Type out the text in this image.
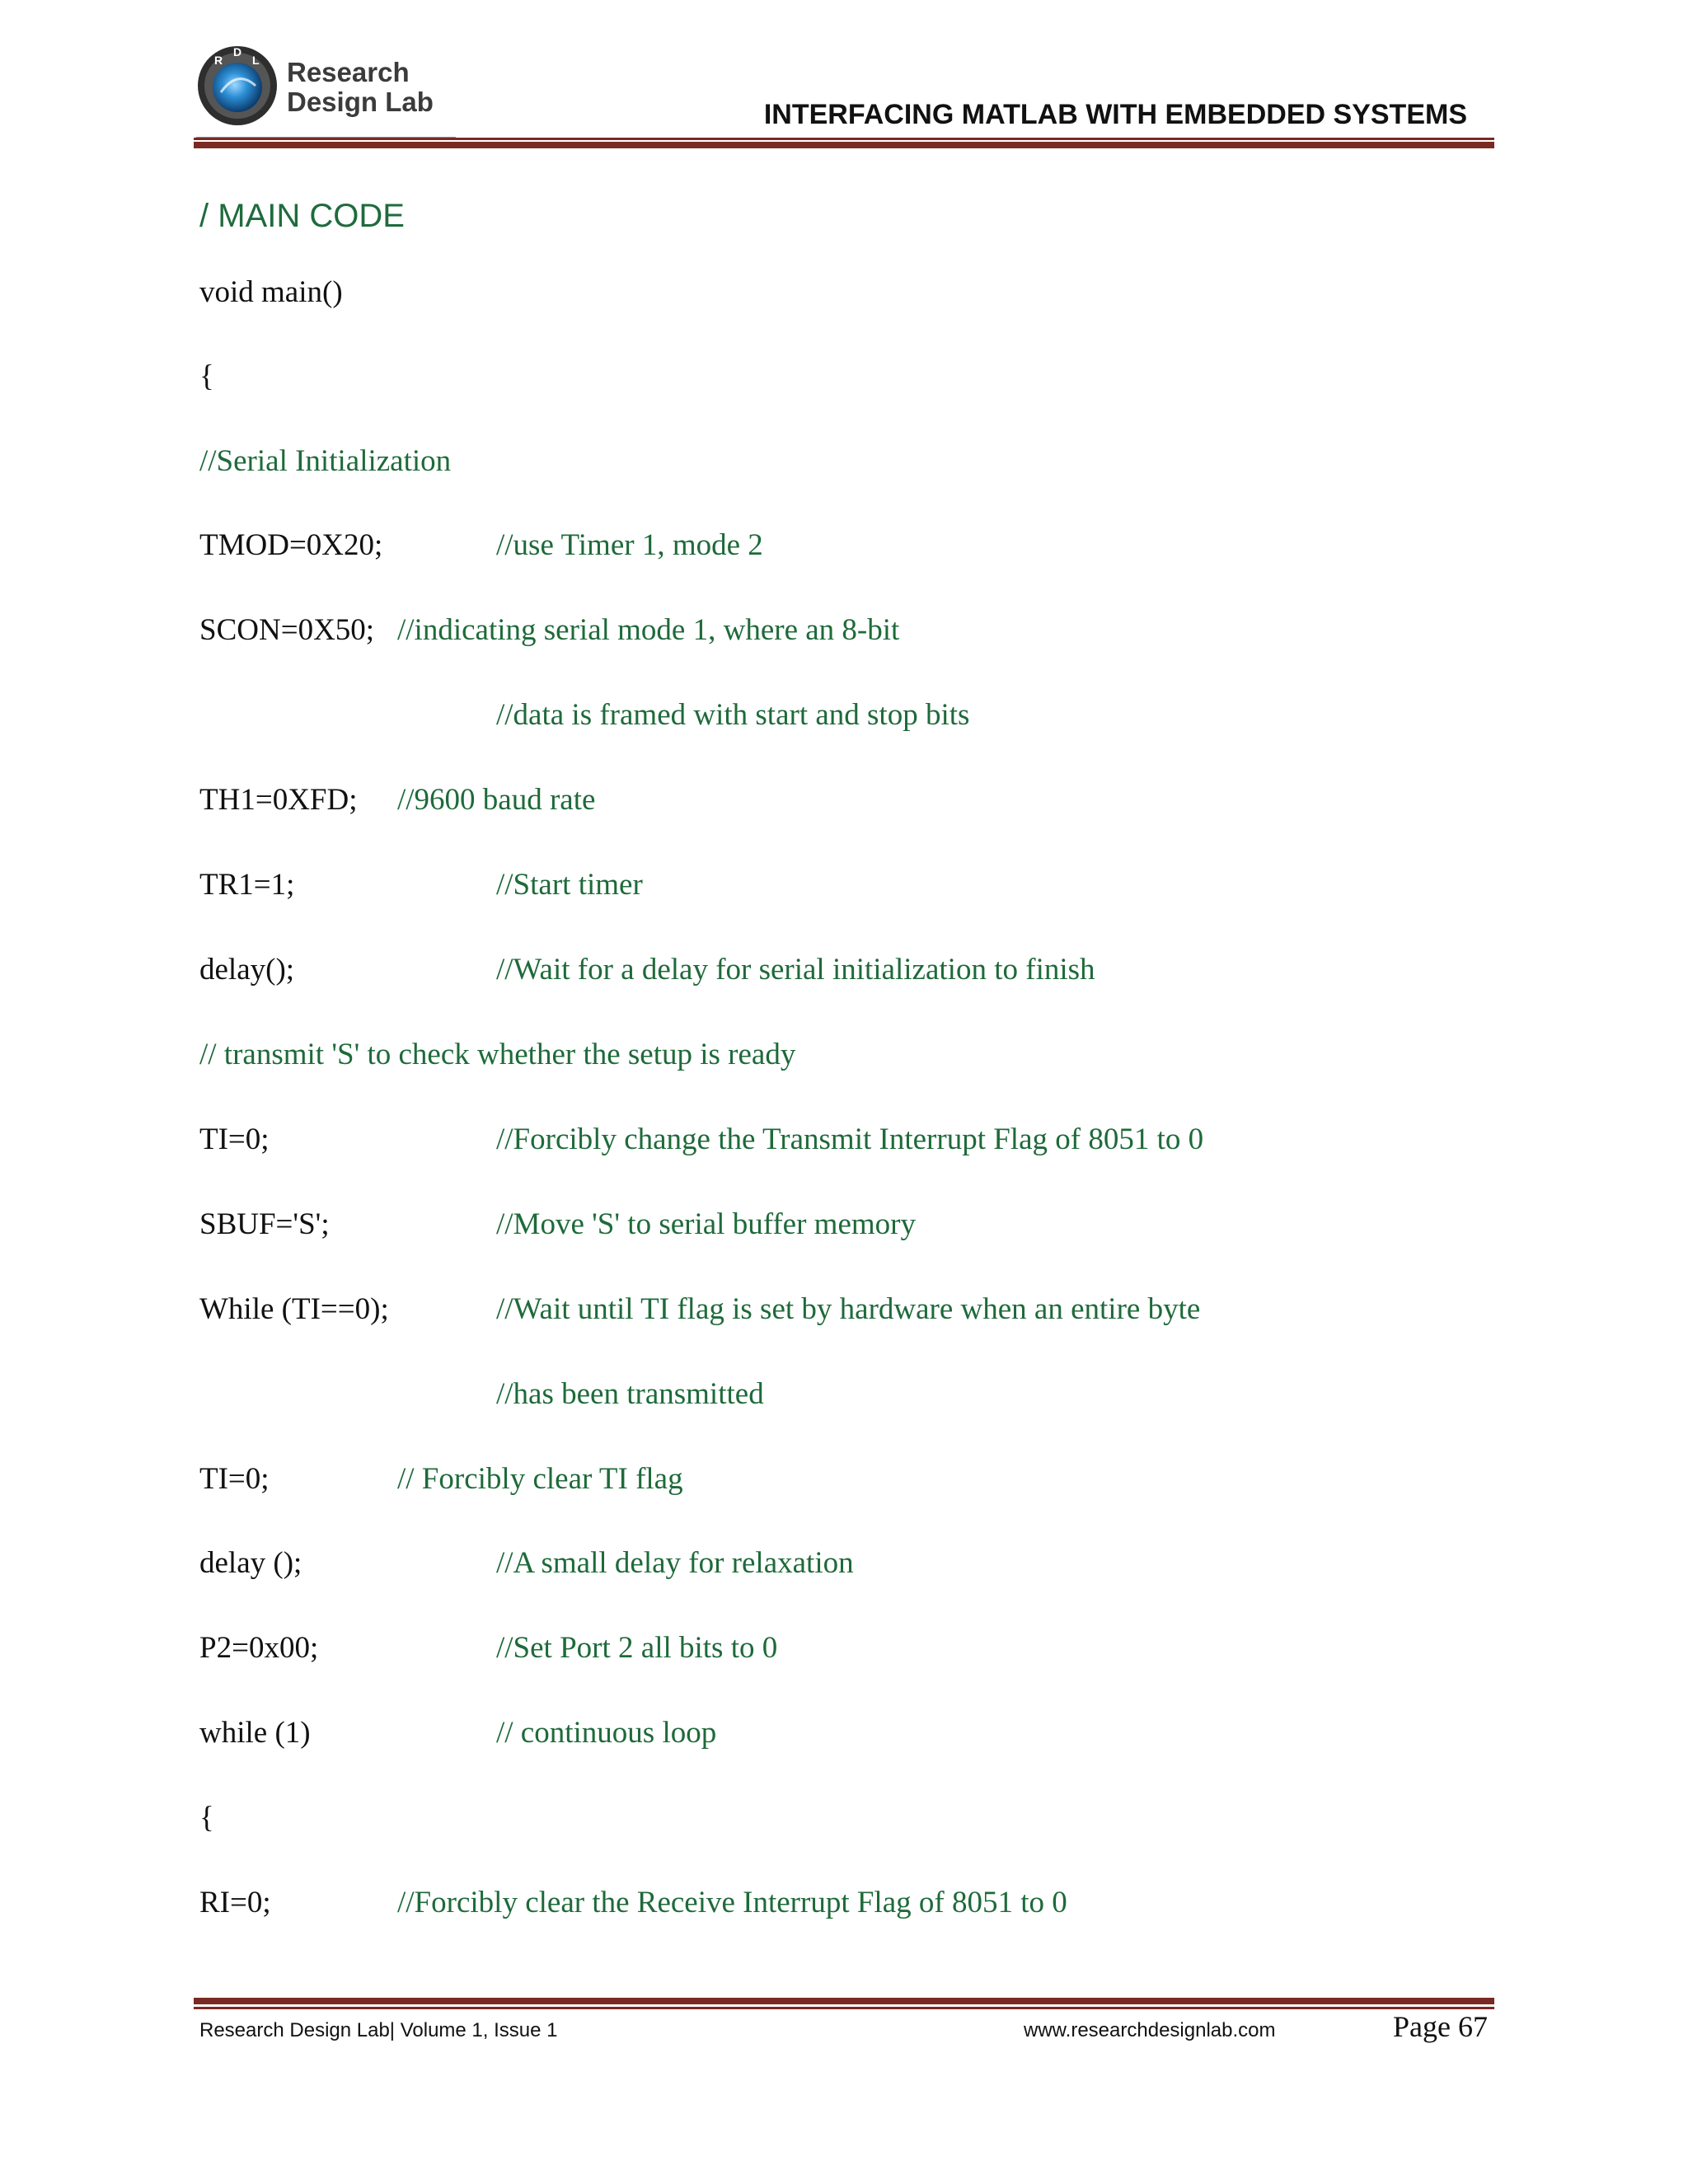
R
D
L Research
Design Lab	INTERFACING MATLAB WITH EMBEDDED SYSTEMS
/ MAIN CODE
void main()
{
//Serial Initialization
TMOD=0X20;	//use Timer 1, mode 2
SCON=0X50; //indicating serial mode 1, where an 8-bit
//data is framed with start and stop bits
TH1=0XFD; //9600 baud rate
TR1=1;	//Start timer
delay();	//Wait for a delay for serial initialization to finish
// transmit 'S' to check whether the setup is ready
TI=0;	//Forcibly change the Transmit Interrupt Flag of 8051 to 0
SBUF='S';	//Move 'S' to serial buffer memory
While (TI==0);	//Wait until TI flag is set by hardware when an entire byte
//has been transmitted
TI=0;	// Forcibly clear TI flag
delay ();	//A small delay for relaxation
P2=0x00;	//Set Port 2 all bits to 0
while (1)	// continuous loop
{
RI=0;	//Forcibly clear the Receive Interrupt Flag of 8051 to 0
Research Design Lab| Volume 1, Issue 1	www.researchdesignlab.com	Page 67
